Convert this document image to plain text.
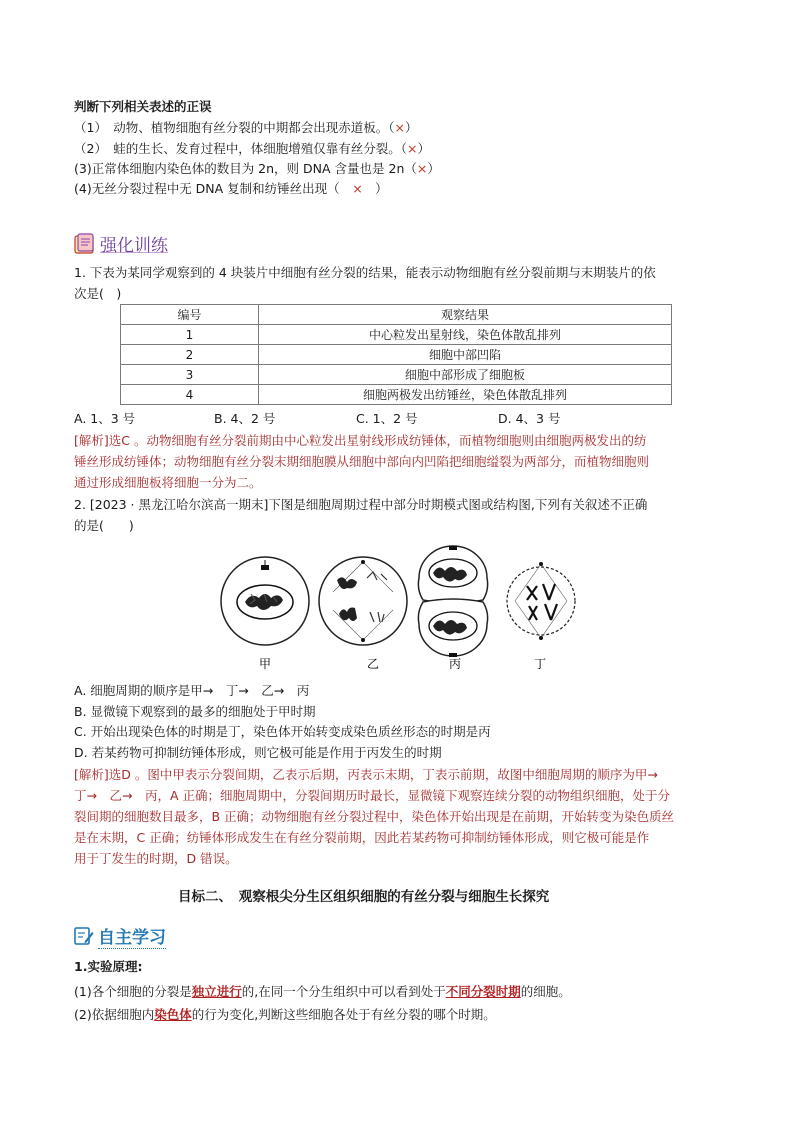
判断下列相关表述的正误
（1）　动物、植物细胞有丝分裂的中期都会出现赤道板。（×）
（2）　蛙的生长、发育过程中，体细胞增殖仅靠有丝分裂。（×）
(3)正常体细胞内染色体的数目为 2n，则 DNA 含量也是 2n（×）
(4)无丝分裂过程中无 DNA 复制和纺锤丝出现（　×　）
强化训练
1. 下表为某同学观察到的 4 块装片中细胞有丝分裂的结果，能表示动物细胞有丝分裂前期与末期装片的依
次是(　)
编号	观察结果
1	中心粒发出星射线，染色体散乱排列
2	细胞中部凹陷
3	细胞中部形成了细胞板
4	细胞两极发出纺锤丝，染色体散乱排列
A. 1、3 号	B. 4、2 号	C. 1、2 号	D. 4、3 号
[解析]选C 。动物细胞有丝分裂前期由中心粒发出星射线形成纺锤体，而植物细胞则由细胞两极发出的纺
锤丝形成纺锤体；动物细胞有丝分裂末期细胞膜从细胞中部向内凹陷把细胞缢裂为两部分，而植物细胞则
通过形成细胞板将细胞一分为二。
2. [2023 · 黑龙江哈尔滨高一期末]下图是细胞周期过程中部分时期模式图或结构图,下列有关叙述不正确
的是(　　)
甲	乙	丙	丁
A. 细胞周期的顺序是甲→　丁→　乙→　丙
B. 显微镜下观察到的最多的细胞处于甲时期
C. 开始出现染色体的时期是丁，染色体开始转变成染色质丝形态的时期是丙
D. 若某药物可抑制纺锤体形成，则它极可能是作用于丙发生的时期
[解析]选D 。图中甲表示分裂间期，乙表示后期，丙表示末期，丁表示前期，故图中细胞周期的顺序为甲→
丁→　乙→　丙，A 正确；细胞周期中，分裂间期历时最长，显微镜下观察连续分裂的动物组织细胞，处于分
裂间期的细胞数目最多，B 正确；动物细胞有丝分裂过程中，染色体开始出现是在前期，开始转变为染色质丝
是在末期，C 正确；纺锤体形成发生在有丝分裂前期，因此若某药物可抑制纺锤体形成，则它极可能是作
用于丁发生的时期，D 错误。
目标二、　观察根尖分生区组织细胞的有丝分裂与细胞生长探究
自主学习
1.实验原理:
(1)各个细胞的分裂是独立进行的,在同一个分生组织中可以看到处于不同分裂时期的细胞。
(2)依据细胞内染色体的行为变化,判断这些细胞各处于有丝分裂的哪个时期。
